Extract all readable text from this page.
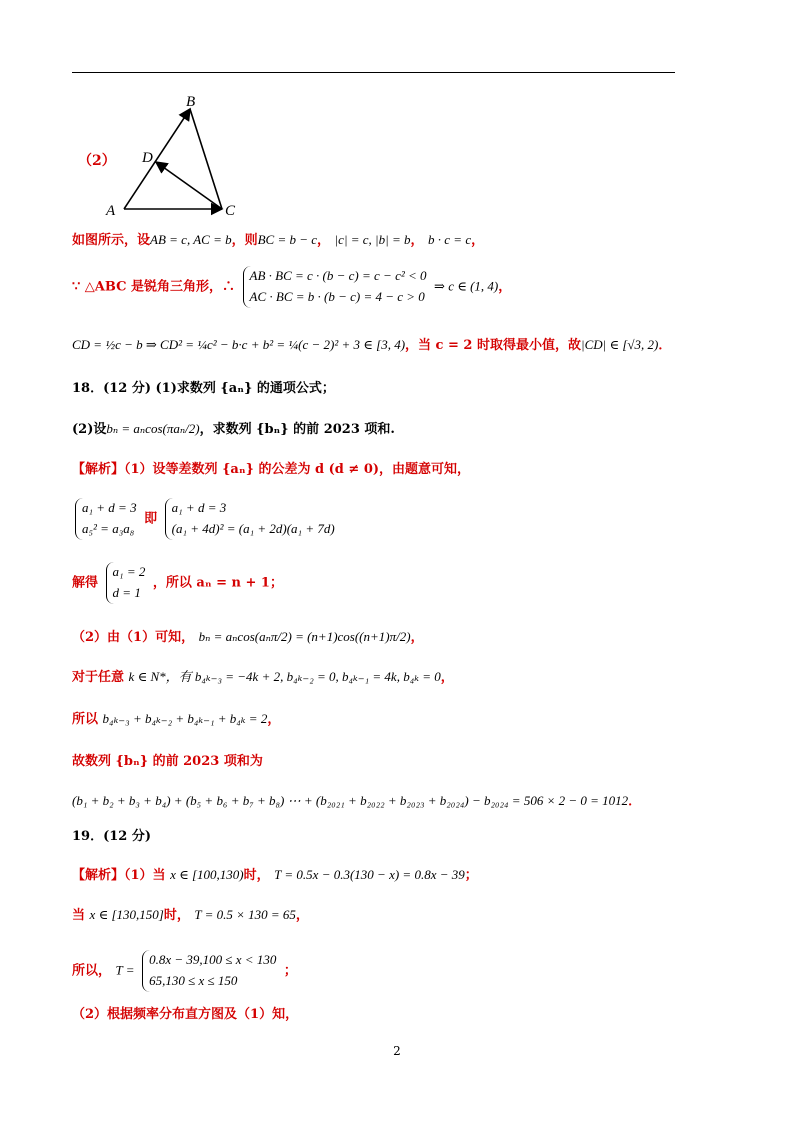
（2）
A
B
C
D
如图所示，设AB = c, AC = b，则BC = b − c， |c| = c, |b| = b， b · c = c，
∵ △ABC 是锐角三角形，∴ AB · BC = c · (b − c) = c − c² < 0
AC · BC = b · (b − c) = 4 − c > 0 ⇒ c ∈ (1, 4)，
CD = ½c − b ⇒ CD² = ¼c² − b·c + b² = ¼(c − 2)² + 3 ∈ [3, 4)，当 c = 2 时取得最小值，故|CD| ∈ [√3, 2)．
18．(12 分) (1)求数列 {aₙ} 的通项公式；
(2)设bₙ = aₙcos(πaₙ/2)，求数列 {bₙ} 的前 2023 项和.
【解析】（1）设等差数列 {aₙ} 的公差为 d (d ≠ 0)，由题意可知，
a₁ + d = 3
a₅² = a₃a₈ 即 a₁ + d = 3
(a₁ + 4d)² = (a₁ + 2d)(a₁ + 7d)
解得 a₁ = 2
d = 1 ，所以 aₙ = n + 1；
（2）由（1）可知， bₙ = aₙcos(aₙπ/2) = (n+1)cos((n+1)π/2)，
对于任意 k ∈ N*，有 b₄ₖ₋₃ = −4k + 2, b₄ₖ₋₂ = 0, b₄ₖ₋₁ = 4k, b₄ₖ = 0，
所以 b₄ₖ₋₃ + b₄ₖ₋₂ + b₄ₖ₋₁ + b₄ₖ = 2，
故数列 {bₙ} 的前 2023 项和为
(b₁ + b₂ + b₃ + b₄) + (b₅ + b₆ + b₇ + b₈) ⋯ + (b₂₀₂₁ + b₂₀₂₂ + b₂₀₂₃ + b₂₀₂₄) − b₂₀₂₄ = 506 × 2 − 0 = 1012．
19．(12 分)
【解析】（1）当 x ∈ [100,130)时， T = 0.5x − 0.3(130 − x) = 0.8x − 39；
当 x ∈ [130,150]时， T = 0.5 × 130 = 65，
所以， T = 0.8x − 39,100 ≤ x < 130
65,130 ≤ x ≤ 150 ；
（2）根据频率分布直方图及（1）知，
2
